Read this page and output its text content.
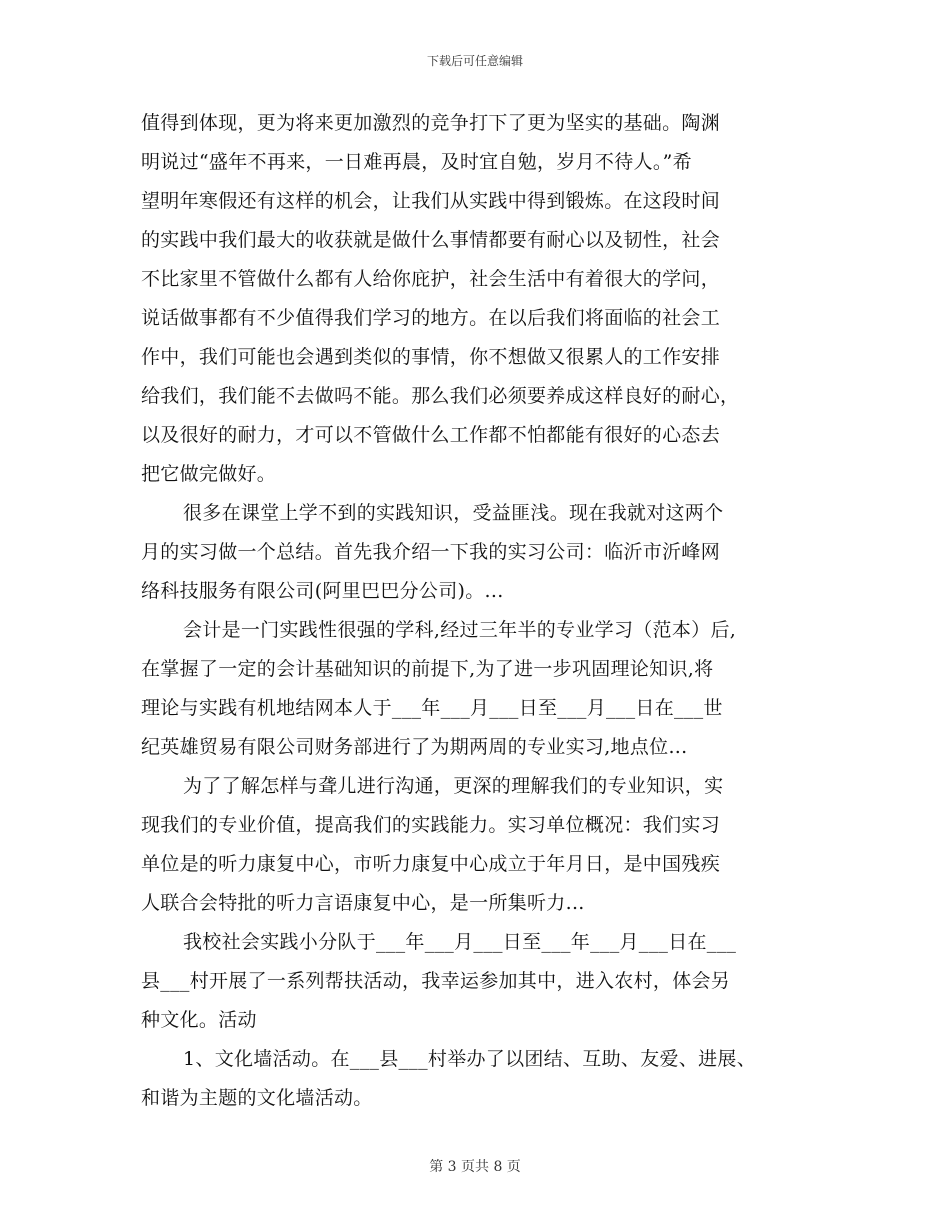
下载后可任意编辑
值得到体现，更为将来更加激烈的竞争打下了更为坚实的基础。陶渊
明说过“盛年不再来，一日难再晨，及时宜自勉，岁月不待人。”希
望明年寒假还有这样的机会，让我们从实践中得到锻炼。在这段时间
的实践中我们最大的收获就是做什么事情都要有耐心以及韧性，社会
不比家里不管做什么都有人给你庇护，社会生活中有着很大的学问，
说话做事都有不少值得我们学习的地方。在以后我们将面临的社会工
作中，我们可能也会遇到类似的事情，你不想做又很累人的工作安排
给我们，我们能不去做吗不能。那么我们必须要养成这样良好的耐心，
以及很好的耐力，才可以不管做什么工作都不怕都能有很好的心态去
把它做完做好。
很多在课堂上学不到的实践知识，受益匪浅。现在我就对这两个
月的实习做一个总结。首先我介绍一下我的实习公司：临沂市沂峰网
络科技服务有限公司(阿里巴巴分公司)。...
会计是一门实践性很强的学科,经过三年半的专业学习（范本）后,
在掌握了一定的会计基础知识的前提下,为了进一步巩固理论知识,将
理论与实践有机地结网本人于___年___月___日至___月___日在___世
纪英雄贸易有限公司财务部进行了为期两周的专业实习,地点位...
为了了解怎样与聋儿进行沟通，更深的理解我们的专业知识，实
现我们的专业价值，提高我们的实践能力。实习单位概况：我们实习
单位是的听力康复中心，市听力康复中心成立于年月日，是中国残疾
人联合会特批的听力言语康复中心，是一所集听力...
我校社会实践小分队于___年___月___日至___年___月___日在___
县___村开展了一系列帮扶活动，我幸运参加其中，进入农村，体会另
种文化。活动
1、文化墙活动。在___县___村举办了以团结、互助、友爱、进展、
和谐为主题的文化墙活动。
第 3 页共 8 页
